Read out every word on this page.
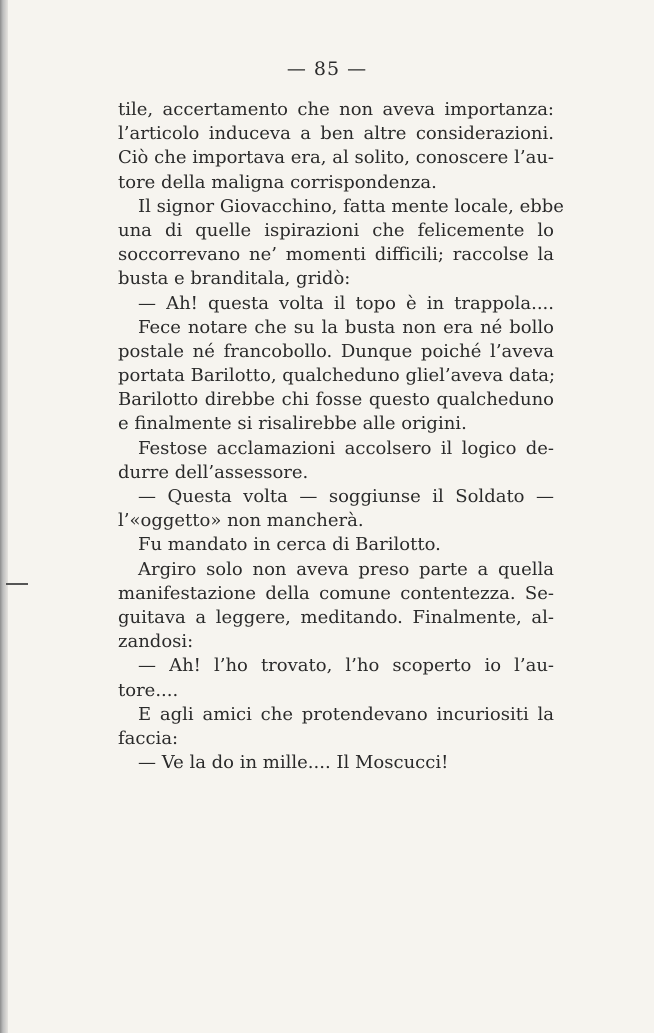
— 85 —
tile, accertamento che non aveva importanza:
l’articolo induceva a ben altre considerazioni.
Ciò che importava era, al solito, conoscere l’au-
tore della maligna corrispondenza.
Il signor Giovacchino, fatta mente locale, ebbe
una di quelle ispirazioni che felicemente lo
soccorrevano ne’ momenti difficili; raccolse la
busta e branditala, gridò:
— Ah! questa volta il topo è in trappola....
Fece notare che su la busta non era né bollo
postale né francobollo. Dunque poiché l’aveva
portata Barilotto, qualcheduno gliel’aveva data;
Barilotto direbbe chi fosse questo qualcheduno
e finalmente si risalirebbe alle origini.
Festose acclamazioni accolsero il logico de-
durre dell’assessore.
— Questa volta — soggiunse il Soldato —
l’«oggetto» non mancherà.
Fu mandato in cerca di Barilotto.
Argiro solo non aveva preso parte a quella
manifestazione della comune contentezza. Se-
guitava a leggere, meditando. Finalmente, al-
zandosi:
— Ah! l’ho trovato, l’ho scoperto io l’au-
tore....
E agli amici che protendevano incuriositi la
faccia:
— Ve la do in mille.... Il Moscucci!
